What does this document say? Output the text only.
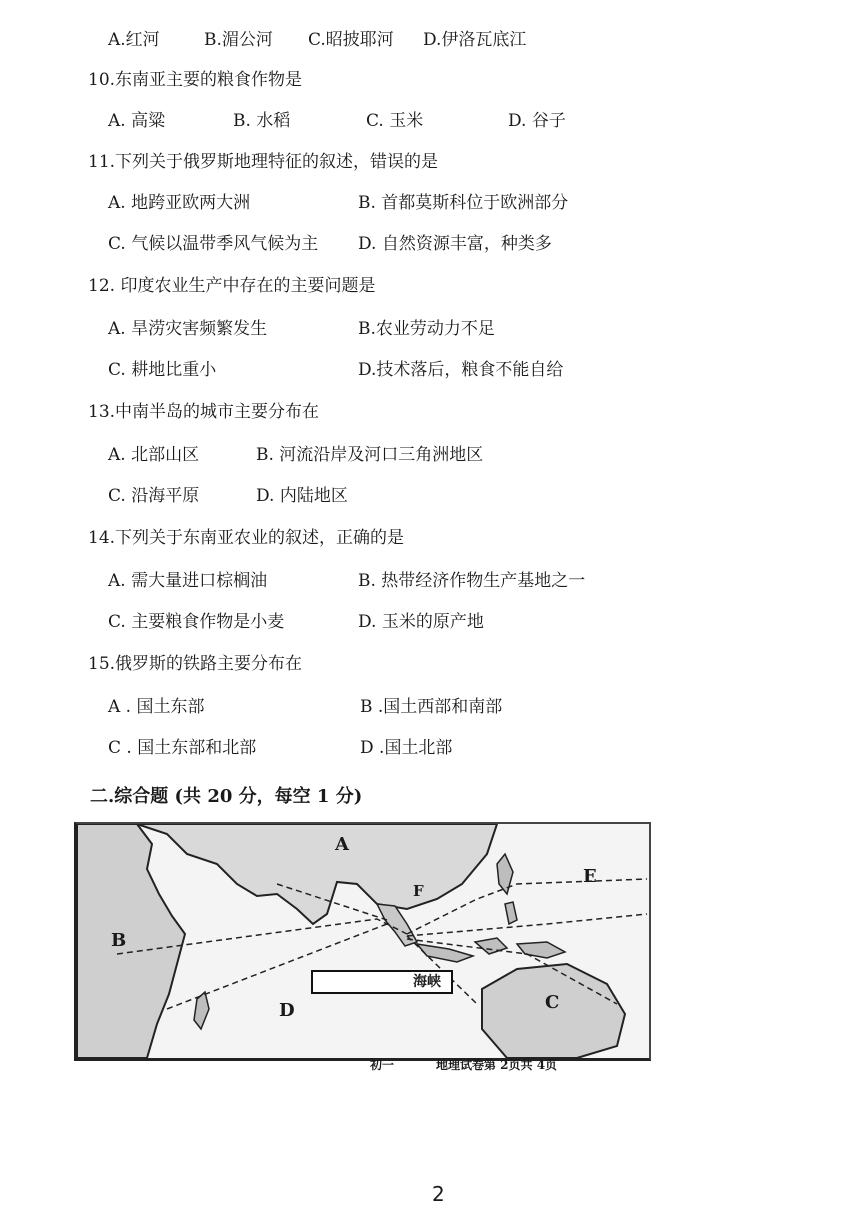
A.红河	B.湄公河 C.昭披耶河 D.伊洛瓦底江
10.东南亚主要的粮食作物是
A. 高粱	B. 水稻	C. 玉米	D. 谷子
11.下列关于俄罗斯地理特征的叙述，错误的是
A. 地跨亚欧两大洲	B. 首都莫斯科位于欧洲部分
C. 气候以温带季风气候为主 D. 自然资源丰富，种类多
12. 印度农业生产中存在的主要问题是
A. 旱涝灾害频繁发生	B.农业劳动力不足
C. 耕地比重小	D.技术落后，粮食不能自给
13.中南半岛的城市主要分布在
A. 北部山区	B. 河流沿岸及河口三角洲地区
C. 沿海平原	D. 内陆地区
14.下列关于东南亚农业的叙述，正确的是
A. 需大量进口棕榈油	B. 热带经济作物生产基地之一
C. 主要粮食作物是小麦	D. 玉米的原产地
15.俄罗斯的铁路主要分布在
A . 国土东部	B .国土西部和南部
C . 国土东部和北部	D .国土北部
二.综合题 (共 20 分，每空 1 分)
A
B
C
D
E
F
海峡
初一	地理试卷第 2页共 4页
2
